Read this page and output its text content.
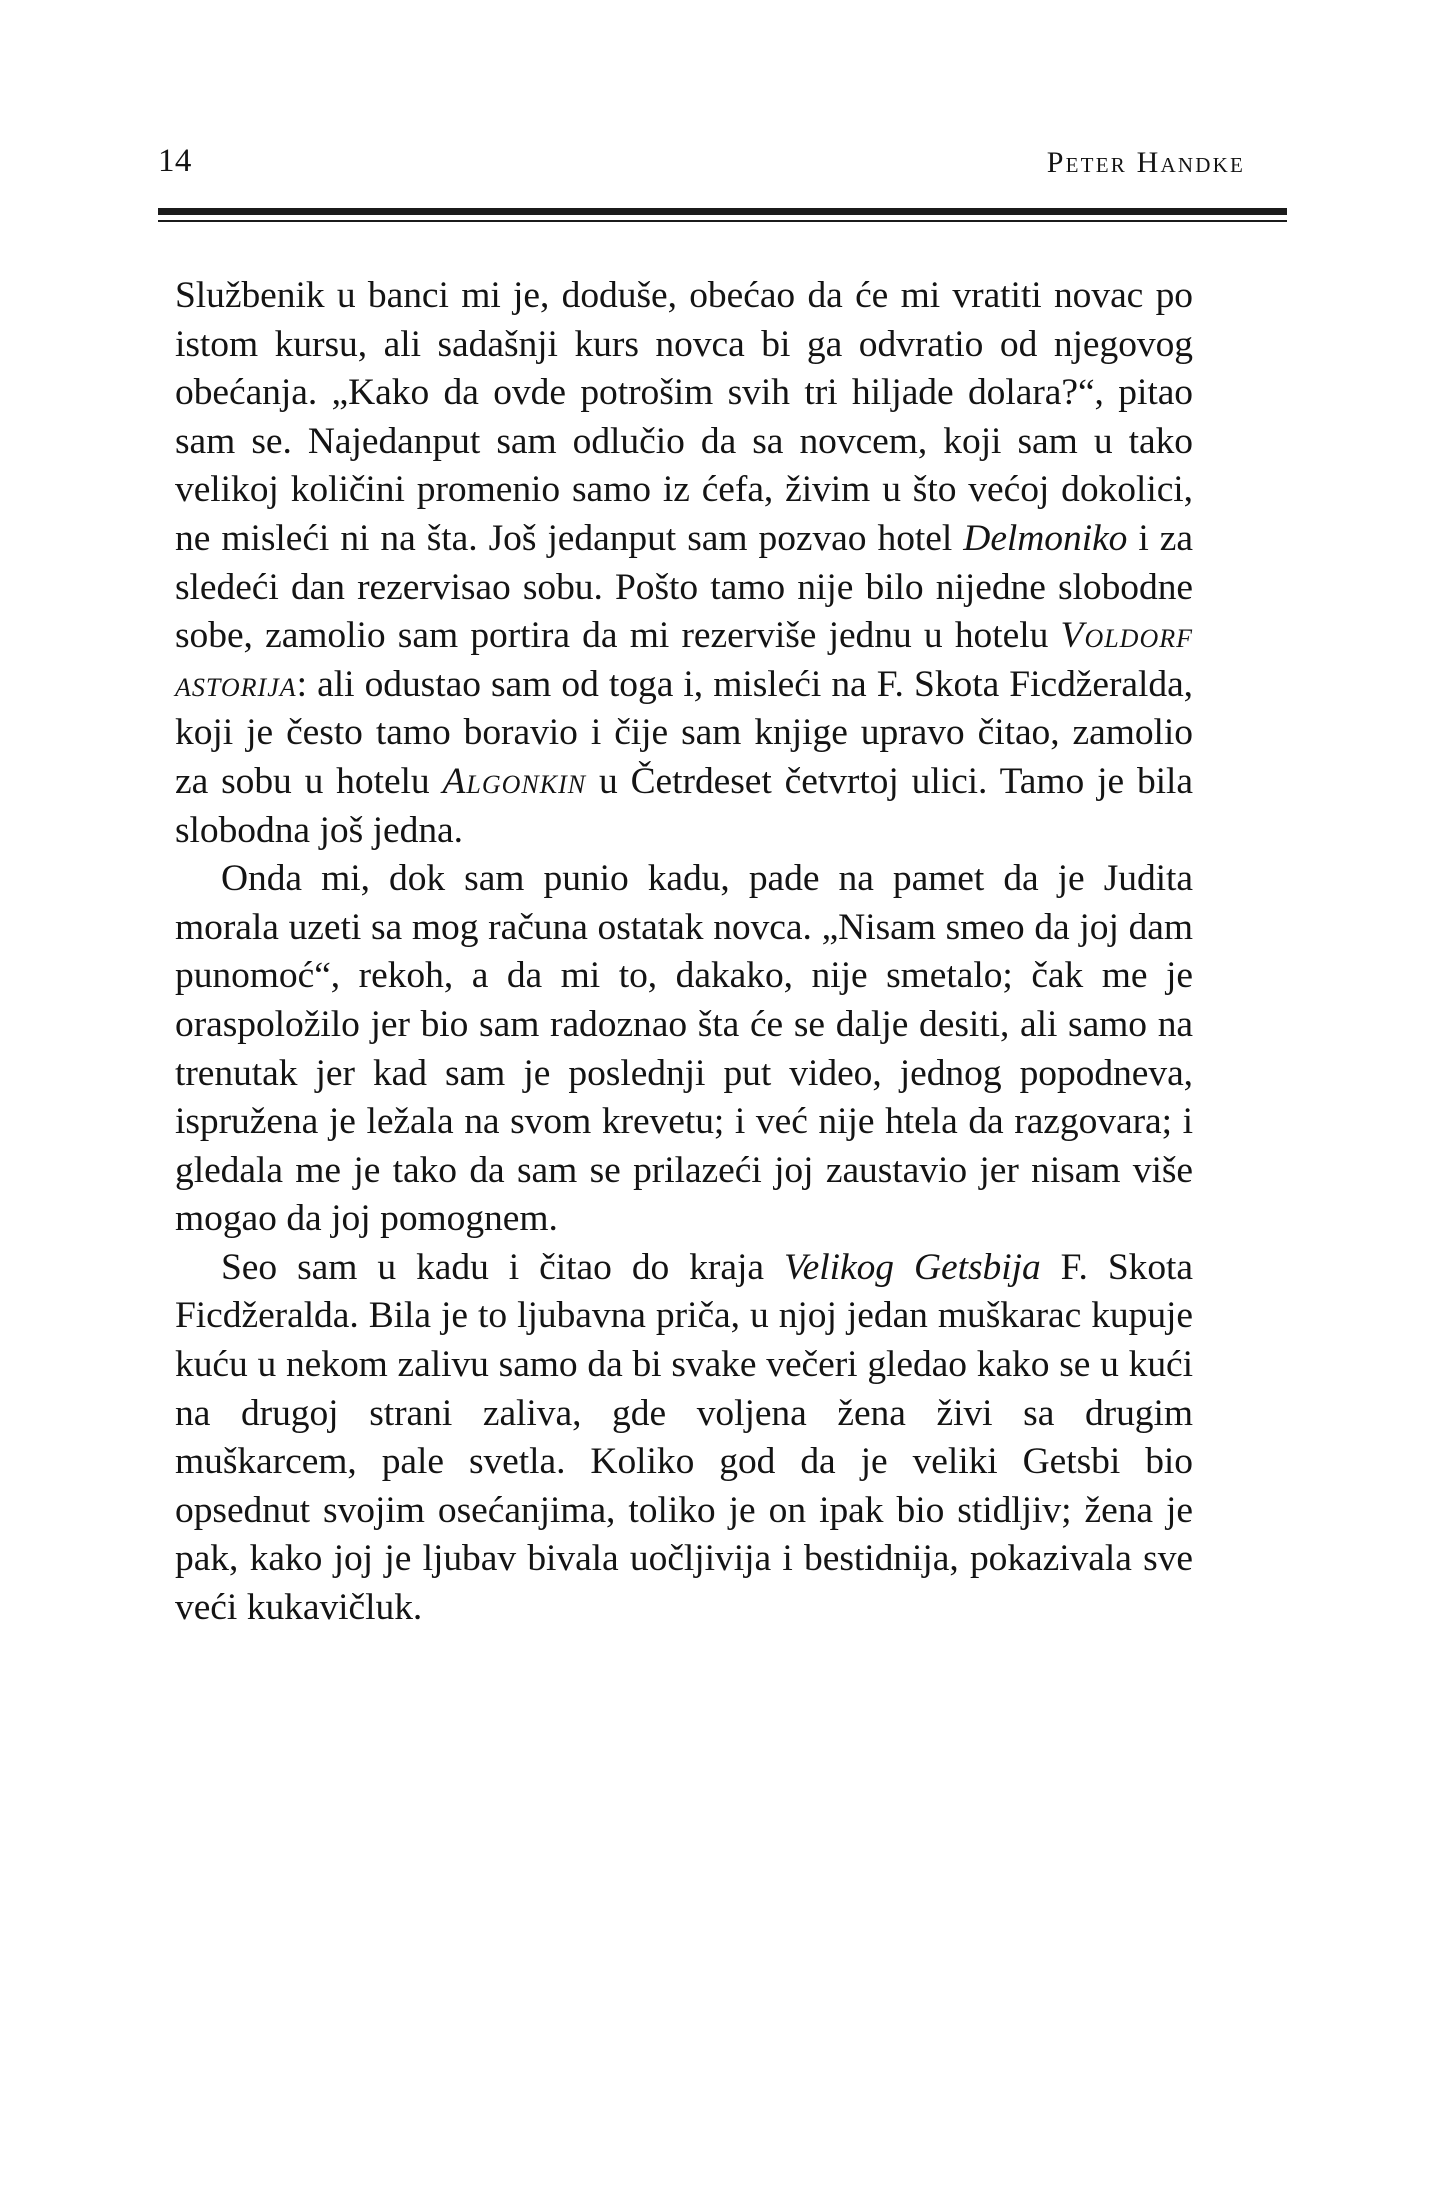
14	Peter Handke

Službenik u banci mi je, doduše, obećao da će mi vratiti novac po istom kursu, ali sadašnji kurs novca bi ga odvratio od njegovog obećanja. „Kako da ovde potrošim svih tri hiljade dolara?“, pitao sam se. Najedanput sam odlučio da sa novcem, koji sam u tako velikoj količini promenio samo iz ćefa, živim u što većoj dokolici, ne misleći ni na šta. Još jedanput sam pozvao hotel Delmoniko i za sledeći dan rezervisao sobu. Pošto tamo nije bilo nijedne slobodne sobe, zamolio sam portira da mi rezerviše jednu u hotelu Voldorf astorija: ali odustao sam od toga i, misleći na F. Skota Ficdžeralda, koji je često tamo boravio i čije sam knjige upravo čitao, zamolio za sobu u hotelu Algonkin u Četrdeset četvrtoj ulici. Tamo je bila slobodna još jedna.

Onda mi, dok sam punio kadu, pade na pamet da je Judita morala uzeti sa mog računa ostatak novca. „Nisam smeo da joj dam punomoć“, rekoh, a da mi to, dakako, nije smetalo; čak me je oraspoložilo jer bio sam radoznao šta će se dalje desiti, ali samo na trenutak jer kad sam je poslednji put video, jednog popodneva, ispružena je ležala na svom krevetu; i već nije htela da razgovara; i gledala me je tako da sam se prilazeći joj zaustavio jer nisam više mogao da joj pomognem.

Seo sam u kadu i čitao do kraja Velikog Getsbija F. Skota Ficdžeralda. Bila je to ljubavna priča, u njoj jedan muškarac kupuje kuću u nekom zalivu samo da bi svake večeri gledao kako se u kući na drugoj strani zaliva, gde voljena žena živi sa drugim muškarcem, pale svetla. Koliko god da je veliki Getsbi bio opsednut svojim osećanjima, toliko je on ipak bio stidljiv; žena je pak, kako joj je ljubav bivala uočljivija i bestidnija, pokazivala sve veći kukavičluk.
